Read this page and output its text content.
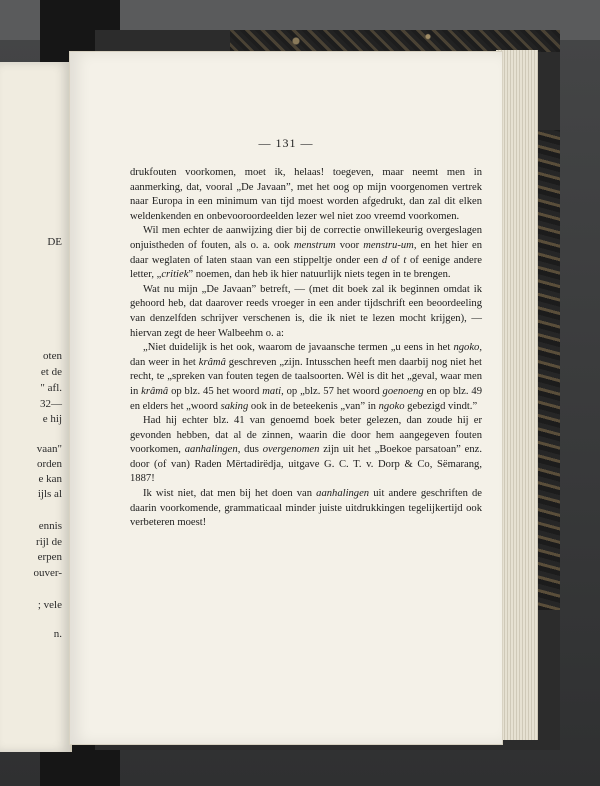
DE
oten
et de
" afl.
32—
e hij
vaan"
orden
e kan
ijls al
ennis
rijl de
erpen
ouver-
; vele
n.
— 131 —

drukfouten voorkomen, moet ik, helaas! toegeven, maar neemt men in aanmerking, dat, vooral „De Javaan”, met het oog op mijn voorgenomen vertrek naar Europa in een minimum van tijd moest worden afgedrukt, dan zal dit elken weldenkenden en onbevooroordeelden lezer wel niet zoo vreemd voorkomen.

Wil men echter de aanwijzing dier bij de correctie onwillekeurig overgeslagen onjuistheden of fouten, als o. a. ook menstrum voor menstru-um, en het hier en daar weglaten of laten staan van een stippeltje onder een d of t of eenige andere letter, „critiek” noemen, dan heb ik hier natuurlijk niets tegen in te brengen.

Wat nu mijn „De Javaan” betreft, — (met dit boek zal ik beginnen omdat ik gehoord heb, dat daarover reeds vroeger in een ander tijdschrift een beoordeeling van denzelfden schrijver verschenen is, die ik niet te lezen mocht krijgen), — hiervan zegt de heer Walbeehm o. a:

„Niet duidelijk is het ook, waarom de javaansche termen „u eens in het ngoko, dan weer in het krâmâ geschreven „zijn. Intusschen heeft men daarbij nog niet het recht, te „spreken van fouten tegen de taalsoorten. Wèl is dit het „geval, waar men in krâmâ op blz. 45 het woord mati, op „blz. 57 het woord goenoeng en op blz. 49 en elders het „woord saking ook in de beteekenis „van” in ngoko gebezigd vindt.”

Had hij echter blz. 41 van genoemd boek beter gelezen, dan zoude hij er gevonden hebben, dat al de zinnen, waarin die door hem aangegeven fouten voorkomen, aanhalingen, dus overgenomen zijn uit het „Boekoe parsatoan” enz. door (of van) Raden Mërtadirëdja, uitgave G. C. T. v. Dorp & Co, Sëmarang, 1887!

Ik wist niet, dat men bij het doen van aanhalingen uit andere geschriften de daarin voorkomende, grammaticaal minder juiste uitdrukkingen tegelijkertijd ook verbeteren moest!
